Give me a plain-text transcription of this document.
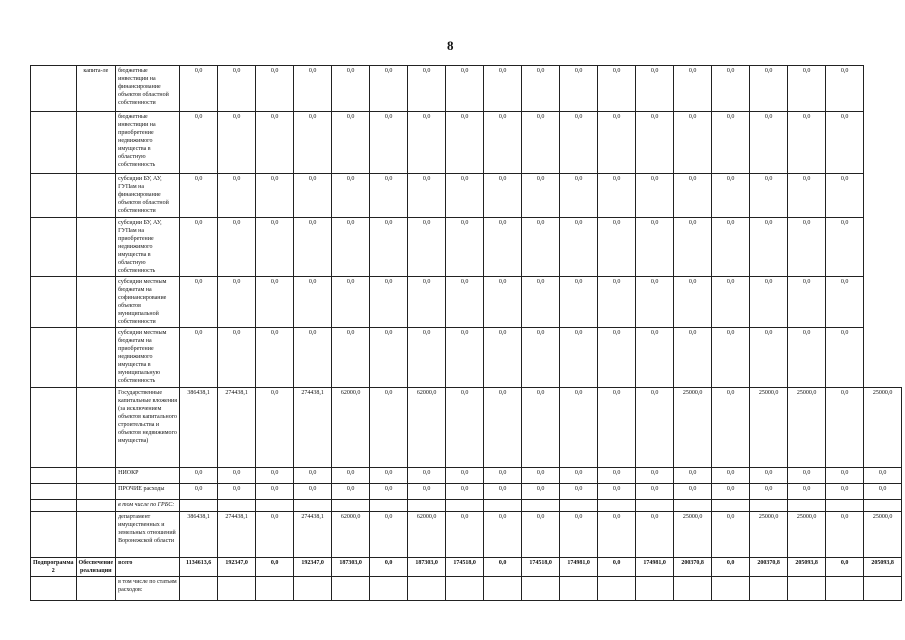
8
	капита-ле	бюджетные инвестиции на финансирование объектов областной собственности	0,0	0,0	0,0	0,0	0,0	0,0	0,0	0,0	0,0	0,0	0,0	0,0	0,0	0,0	0,0	0,0	0,0	0,0	
		бюджетные инвестиции на приобретение недвижимого имущества в областную собственность	0,0	0,0	0,0	0,0	0,0	0,0	0,0	0,0	0,0	0,0	0,0	0,0	0,0	0,0	0,0	0,0	0,0	0,0	
		субсидии БУ, АУ, ГУПам на финансирование объектов областной собственности	0,0	0,0	0,0	0,0	0,0	0,0	0,0	0,0	0,0	0,0	0,0	0,0	0,0	0,0	0,0	0,0	0,0	0,0	
		субсидии БУ, АУ, ГУПам на приобретение недвижимого имущества в областную собственность	0,0	0,0	0,0	0,0	0,0	0,0	0,0	0,0	0,0	0,0	0,0	0,0	0,0	0,0	0,0	0,0	0,0	0,0	
		субсидии местным бюджетам на софинансирование объектов муниципальной собственности	0,0	0,0	0,0	0,0	0,0	0,0	0,0	0,0	0,0	0,0	0,0	0,0	0,0	0,0	0,0	0,0	0,0	0,0	
		субсидии местным бюджетам на приобретение недвижимого имущества в муниципальную собственность	0,0	0,0	0,0	0,0	0,0	0,0	0,0	0,0	0,0	0,0	0,0	0,0	0,0	0,0	0,0	0,0	0,0	0,0	
		Государственные капитальные вложения (за исключением объектов капитального строительства и объектов недвижимого имущества)	386438,1	274438,1	0,0	274438,1	62000,0	0,0	62000,0	0,0	0,0	0,0	0,0	0,0	0,0	25000,0	0,0	25000,0	25000,0	0,0	25000,0
		НИОКР	0,0	0,0	0,0	0,0	0,0	0,0	0,0	0,0	0,0	0,0	0,0	0,0	0,0	0,0	0,0	0,0	0,0	0,0	0,0
		ПРОЧИЕ расходы	0,0	0,0	0,0	0,0	0,0	0,0	0,0	0,0	0,0	0,0	0,0	0,0	0,0	0,0	0,0	0,0	0,0	0,0	0,0
		в том числе по ГРБС:																			
		департамент имущественных и земельных отношений Воронежской области	386438,1	274438,1	0,0	274438,1	62000,0	0,0	62000,0	0,0	0,0	0,0	0,0	0,0	0,0	25000,0	0,0	25000,0	25000,0	0,0	25000,0
Подпрограмма 2	Обеспечение реализации	всего	1134613,6	192347,0	0,0	192347,0	187303,0	0,0	187303,0	174518,0	0,0	174518,0	174981,0	0,0	174981,0	200370,8	0,0	200370,8	205093,8	0,0	205093,8
		в том числе по статьям расходов:																			
